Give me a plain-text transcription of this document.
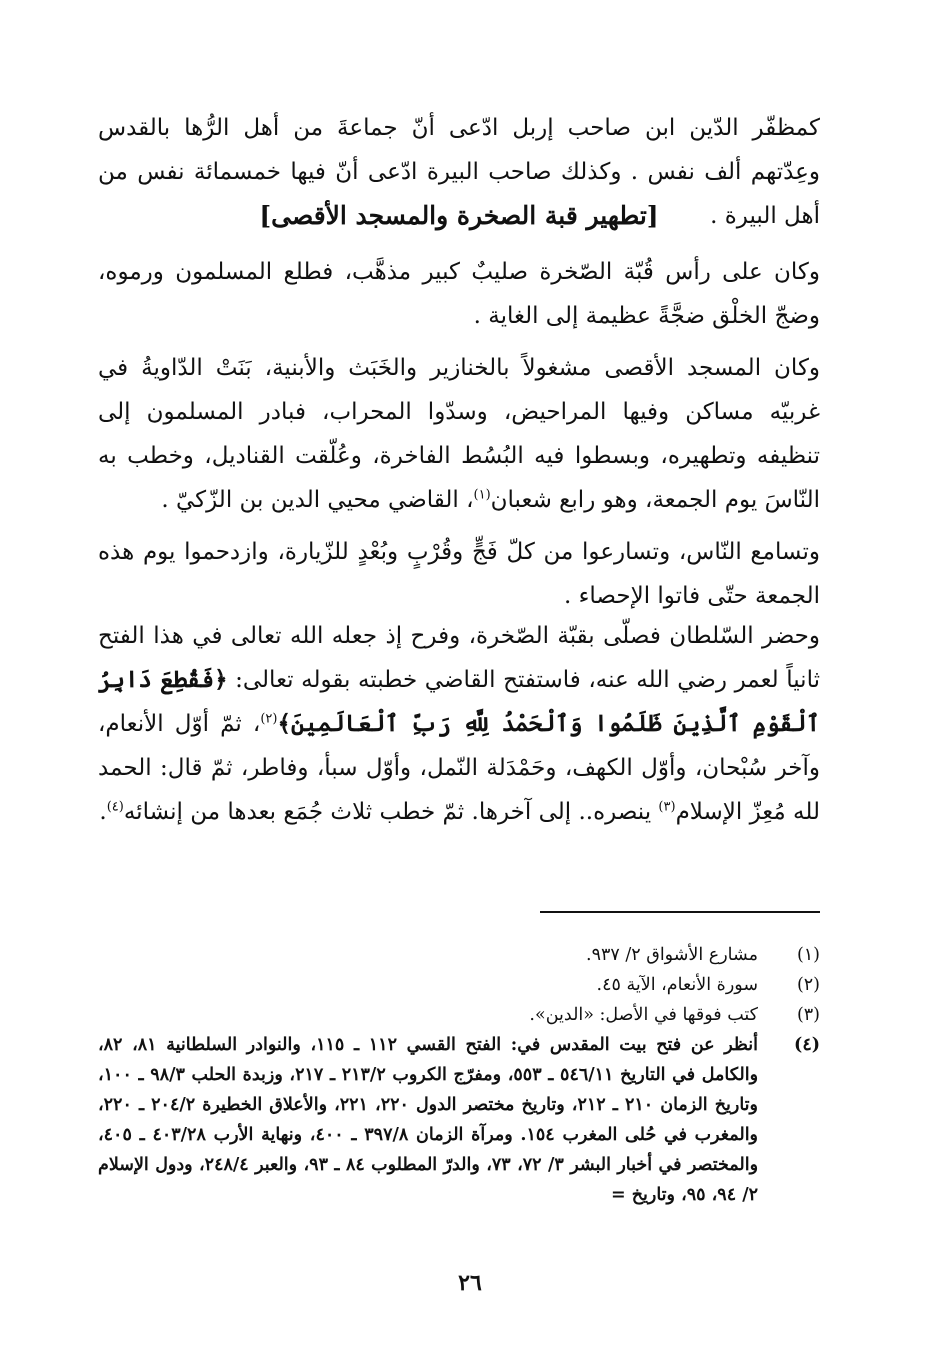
كمظفّر الدّين ابن صاحب إربل ادّعى أنّ جماعةَ من أهل الرُّها بالقدس وعِدّتهم ألف نفس . وكذلك صاحب البيرة ادّعى أنّ فيها خمسمائة نفس من أهل البيرة .
[تطهير قبة الصخرة والمسجد الأقصى]
وكان على رأس قُبّة الصّخرة صليبٌ كبير مذهَّب، فطلع المسلمون ورموه، وضجّ الخلْق ضجَّةً عظيمة إلى الغاية .
وكان المسجد الأقصى مشغولاً بالخنازير والخَبَث والأبنية، بَنَتْ الدّاويةُ في غربيّه مساكن وفيها المراحيض، وسدّوا المحراب، فبادر المسلمون إلى تنظيفه وتطهيره، وبسطوا فيه البُسُط الفاخرة، وعُلّقت القناديل، وخطب به النّاسَ يوم الجمعة، وهو رابع شعبان$^{(١)}$، القاضي محيي الدين بن الزّكيّ .
وتسامع النّاس، وتسارعوا من كلّ فَجٍّ وقُرْبٍ وبُعْدٍ للزّيارة، وازدحموا يوم هذه الجمعة حتّى فاتوا الإحصاء .
وحضر السّلطان فصلّى بقبّة الصّخرة، وفرح إذ جعله الله تعالى في هذا الفتح ثانياً لعمر رضي الله عنه، فاستفتح القاضي خطبته بقوله تعالى: ﴿فَقُطِعَ دَابِرُ ٱلْقَوْمِ ٱلَّذِينَ ظَلَمُوا وَٱلْحَمْدُ لِلَّهِ رَبِّ ٱلْعَالَمِينَ﴾$^{(٢)}$، ثمّ أوّل الأنعام، وآخر سُبْحان، وأوّل الكهف، وحَمْدَلة النّمل، وأوّل سبأ، وفاطر، ثمّ قال: الحمد لله مُعِزّ الإسلام$^{(٣)}$ ينصره.. إلى آخرها. ثمّ خطب ثلاث جُمَع بعدها من إنشائه$^{(٤)}$.
(١)
مشارع الأشواق ٢/ ٩٣٧.
(٢)
سورة الأنعام، الآية ٤٥.
(٣)
كتب فوقها في الأصل: «الدين».
(٤)
أنظر عن فتح بيت المقدس في: الفتح القسي ١١٢ ـ ١١٥، والنوادر السلطانية ٨١، ٨٢، والكامل في التاريخ ٥٤٦/١١ ـ ٥٥٣، ومفرّج الكروب ٢١٣/٢ ـ ٢١٧، وزبدة الحلب ٩٨/٣ ـ ١٠٠، وتاريخ الزمان ٢١٠ ـ ٢١٢، وتاريخ مختصر الدول ٢٢٠، ٢٢١، والأعلاق الخطيرة ٢٠٤/٢ ـ ٢٢٠، والمغرب في حُلى المغرب ١٥٤. ومرآة الزمان ٣٩٧/٨ ـ ٤٠٠، ونهاية الأرب ٤٠٣/٢٨ ـ ٤٠٥، والمختصر في أخبار البشر ٣/ ٧٢، ٧٣، والدرّ المطلوب ٨٤ ـ ٩٣، والعبر ٢٤٨/٤، ودول الإسلام ٢/ ٩٤، ٩٥، وتاريخ =
٢٦
